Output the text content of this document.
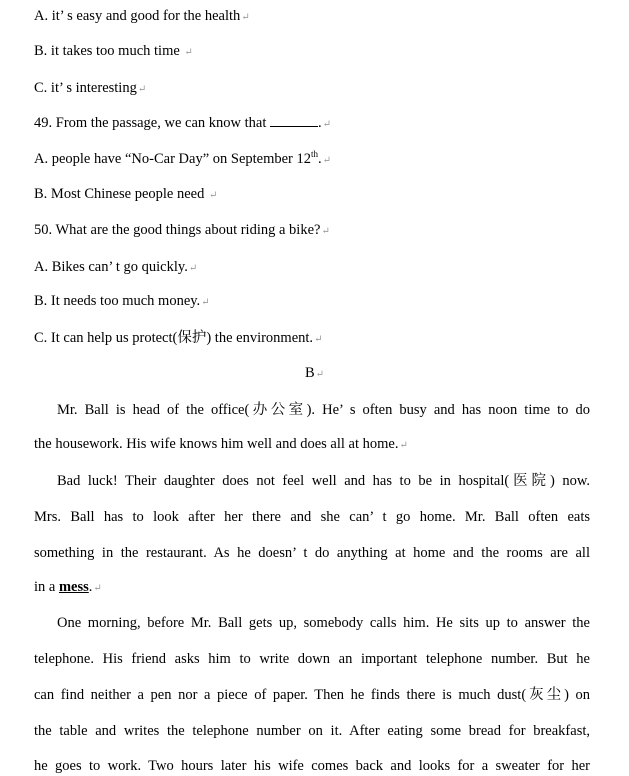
A. it’ s easy and good for the health↵
B. it takes too much time ↵
C. it’ s interesting↵
49. From the passage, we can know that	.↵
A. people have “No-Car Day” on September 12th.↵
B. Most Chinese people need ↵
50. What are the good things about riding a bike?↵
A. Bikes can’ t go quickly.↵
B. It needs too much money.↵
C. It can help us protect(保护) the environment.↵
B↵
Mr. Ball is head of the office(办公室). He’ s often busy and has noon time to do
the housework. His wife knows him well and does all at home.↵
Bad luck! Their daughter does not feel well and has to be in hospital(医院) now.
Mrs. Ball has to look after her there and she can’ t go home. Mr. Ball often eats
something in the restaurant. As he doesn’ t do anything at home and the rooms are all
in a mess.↵
One morning, before Mr. Ball gets up, somebody calls him. He sits up to answer the
telephone. His friend asks him to write down an important telephone number. But he
can find neither a pen nor a piece of paper. Then he finds there is much dust(灰尘) on
the table and writes the telephone number on it. After eating some bread for breakfast,
he goes to work. Two hours later his wife comes back and looks for a sweater for her
